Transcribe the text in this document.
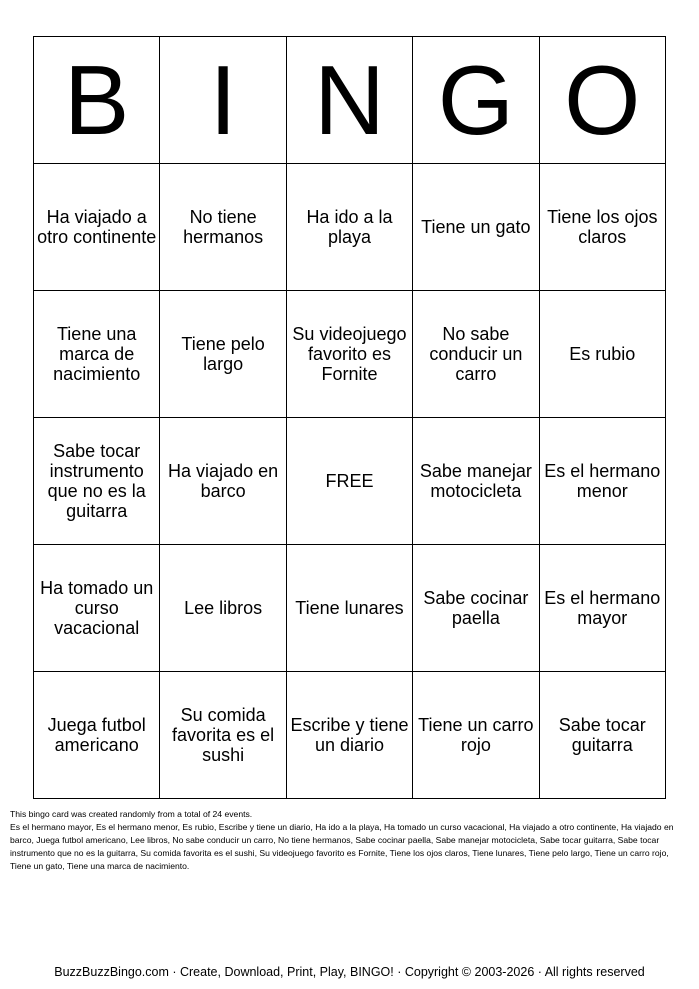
B	I	N	G	O
Ha viajado a otro continente	No tiene hermanos	Ha ido a la playa	Tiene un gato	Tiene los ojos claros
Tiene una marca de nacimiento	Tiene pelo largo	Su videojuego favorito es Fornite	No sabe conducir un carro	Es rubio
Sabe tocar instrumento que no es la guitarra	Ha viajado en barco	FREE	Sabe manejar motocicleta	Es el hermano menor
Ha tomado un curso vacacional	Lee libros	Tiene lunares	Sabe cocinar paella	Es el hermano mayor
Juega futbol americano	Su comida favorita es el sushi	Escribe y tiene un diario	Tiene un carro rojo	Sabe tocar guitarra

This bingo card was created randomly from a total of 24 events.

Es el hermano mayor, Es el hermano menor, Es rubio, Escribe y tiene un diario, Ha ido a la playa, Ha tomado un curso vacacional, Ha viajado a otro continente, Ha viajado en barco, Juega futbol americano, Lee libros, No sabe conducir un carro, No tiene hermanos, Sabe cocinar paella, Sabe manejar motocicleta, Sabe tocar guitarra, Sabe tocar instrumento que no es la guitarra, Su comida favorita es el sushi, Su videojuego favorito es Fornite, Tiene los ojos claros, Tiene lunares, Tiene pelo largo, Tiene un carro rojo, Tiene un gato, Tiene una marca de nacimiento.

BuzzBuzzBingo.com · Create, Download, Print, Play, BINGO! · Copyright © 2003-2026 · All rights reserved
